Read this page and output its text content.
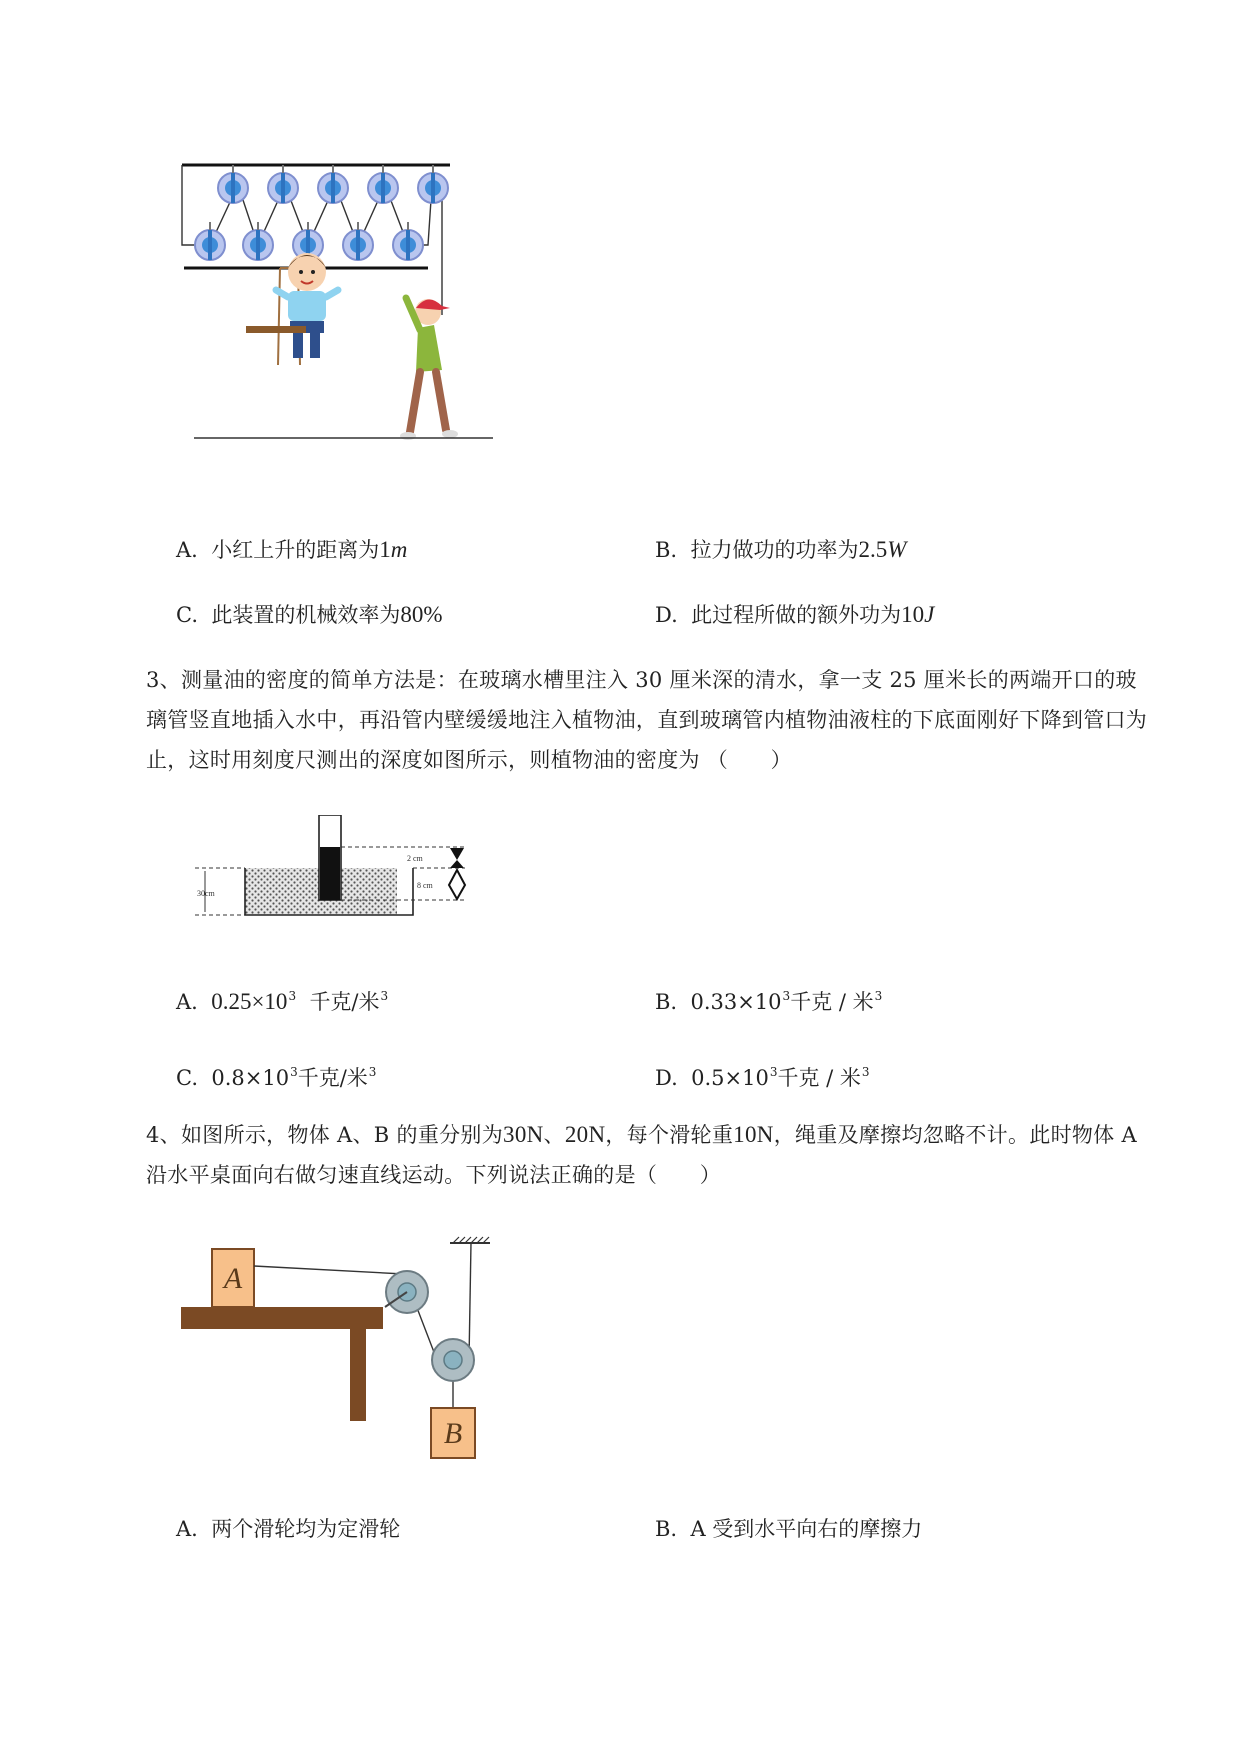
A. 小红上升的距离为1m	B. 拉力做功的功率为2.5W
C. 此装置的机械效率为80%	D. 此过程所做的额外功为10J
3、测量油的密度的简单方法是：在玻璃水槽里注入 30 厘米深的清水，拿一支 25 厘米长的两端开口的玻璃管竖直地插入水中，再沿管内壁缓缓地注入植物油，直到玻璃管内植物油液柱的下底面刚好下降到管口为止，这时用刻度尺测出的深度如图所示，则植物油的密度为 （　　）
30cm
2 cm
8 cm
A. $0.25\times 10^3$ 千克/米$^3$	B. $0.33\times 10^3$千克 / 米$^3$
C. $0.8\times 10^3$千克/米$^3$	D. $0.5\times 10^3$千克 / 米$^3$
4、如图所示，物体 A、B 的重分别为30N、20N，每个滑轮重10N，绳重及摩擦均忽略不计。此时物体 A 沿水平桌面向右做匀速直线运动。下列说法正确的是（　　）
A
B
A. 两个滑轮均为定滑轮	B. A 受到水平向右的摩擦力
